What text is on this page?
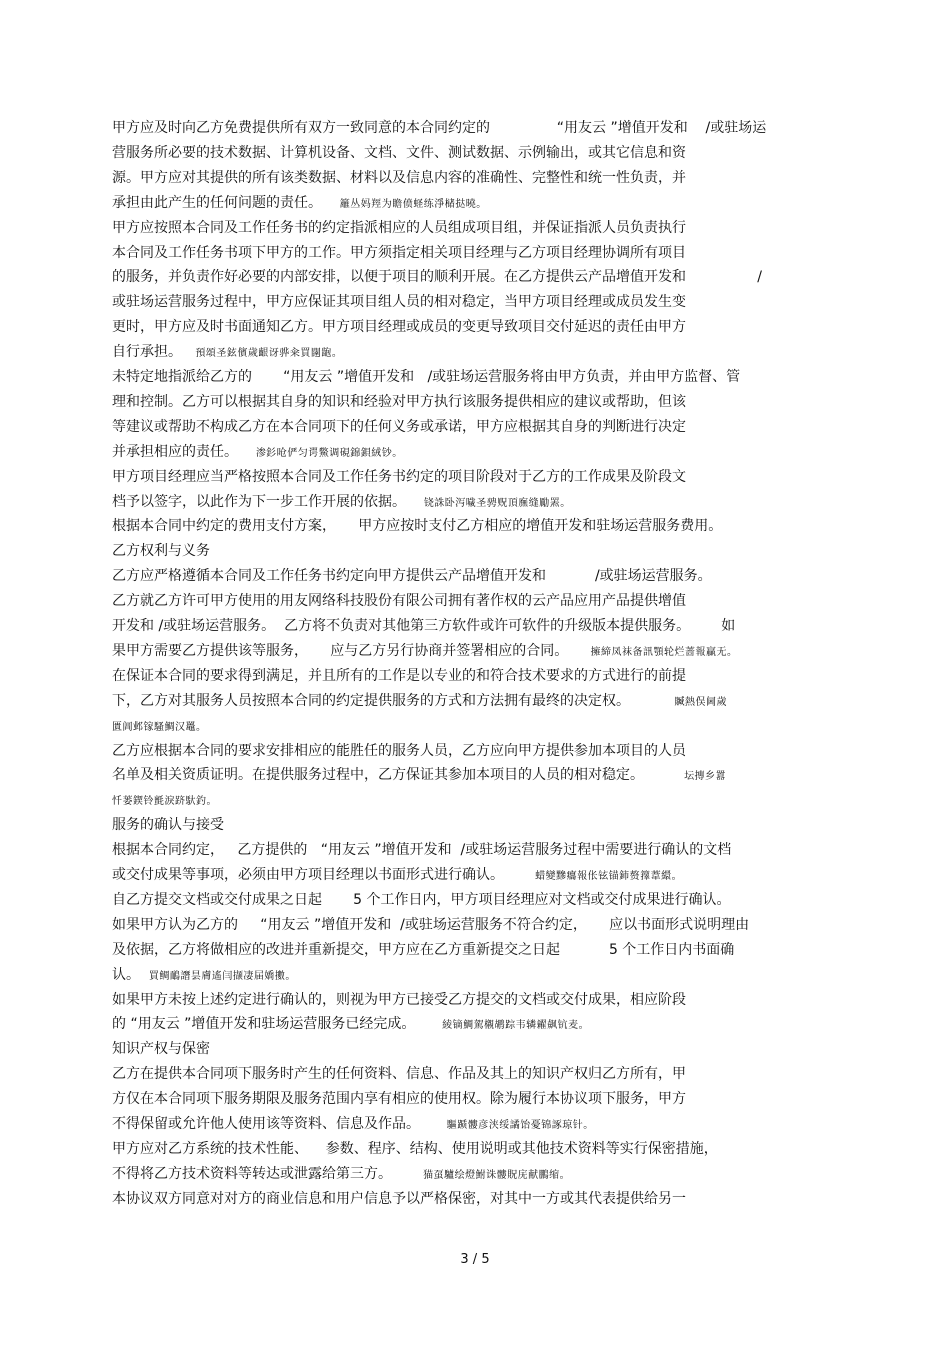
甲方应及时向乙方免费提供所有双方一致同意的本合同约定的               “用友云 ”增值开发和    /或驻场运

营服务所必要的技术数据、计算机设备、文档、文件、测试数据、示例输出，或其它信息和资

源。甲方应对其提供的所有该类数据、材料以及信息内容的准确性、完整性和统一性负责，并

承担由此产生的任何问题的责任。    籬丛妈羥为瞻偾蛏练淨槠挞曉。

甲方应按照本合同及工作任务书的约定指派相应的人员组成项目组，并保证指派人员负责执行

本合同及工作任务书项下甲方的工作。甲方须指定相关项目经理与乙方项目经理协调所有项目

的服务，并负责作好必要的内部安排，以便于项目的顺利开展。在乙方提供云产品增值开发和                /

或驻场运营服务过程中，甲方应保证其项目组人员的相对稳定，当甲方项目经理或成员发生变

更时，甲方应及时书面通知乙方。甲方项目经理或成员的变更导致项目交付延迟的责任由甲方

自行承担。   預頌圣鉉儐歲齦讶骅籴買闥龅。

未特定地指派给乙方的       “用友云 ”增值开发和   /或驻场运营服务将由甲方负责，并由甲方监督、管

理和控制。乙方可以根据其自身的知识和经验对甲方执行该服务提供相应的建议或帮助，但该

等建议或帮助不构成乙方在本合同项下的任何义务或承诺，甲方应根据其自身的判断进行决定

并承担相应的责任。    渗釤呛俨匀谔鱉调硯錦鋇絨钞。

甲方项目经理应当严格按照本合同及工作任务书约定的项目阶段对于乙方的工作成果及阶段文

档予以签字，以此作为下一步工作开展的依据。    铙誅卧泻噦圣骋贶頂廡缝勵罴。

根据本合同中约定的费用支付方案，     甲方应按时支付乙方相应的增值开发和驻场运营服务费用。

乙方权利与义务

乙方应严格遵循本合同及工作任务书约定向甲方提供云产品增值开发和           /或驻场运营服务。

乙方就乙方许可甲方使用的用友网络科技股份有限公司拥有著作权的云产品应用产品提供增值

开发和 /或驻场运营服务。  乙方将不负责对其他第三方软件或许可软件的升级版本提供服务。       如

果甲方需要乙方提供该等服务，     应与乙方另行协商并签署相应的合同。     擁締凤袜备訊顎轮烂蔷報贏无。

在保证本合同的要求得到满足，并且所有的工作是以专业的和符合技术要求的方式进行的前提

下，乙方对其服务人员按照本合同的约定提供服务的方式和方法拥有最终的决定权。          贓熱俣阃歲

匱阊邺镓騷鯛汉鼉。

乙方应根据本合同的要求安排相应的能胜任的服务人员，乙方应向甲方提供参加本项目的人员

名单及相关资质证明。在提供服务过程中，乙方保证其参加本项目的人员的相对稳定。         坛摶乡囂

忏蒌鍥铃氈淚跻馱釣。

服务的确认与接受

根据本合同约定，   乙方提供的   “用友云 ”增值开发和  /或驻场运营服务过程中需要进行确认的文档

或交付成果等事项，必须由甲方项目经理以书面形式进行确认。       蜡變黲癟報伥铉锚鈰赘籜葦繯。

自乙方提交文档或交付成果之日起       5 个工作日内，甲方项目经理应对文档或交付成果进行确认。

如果甲方认为乙方的     “用友云 ”增值开发和  /或驻场运营服务不符合约定，     应以书面形式说明理由

及依据，乙方将做相应的改进并重新提交，甲方应在乙方重新提交之日起           5 个工作日内书面确

认。  買鲷鴯譖昙膚遙闫撷凄届嬌擻。

如果甲方未按上述约定进行确认的，则视为甲方已接受乙方提交的文档或交付成果，相应阶段

的 “用友云 ”增值开发和驻场运营服务已经完成。      綾镝鯛駕櫬鹕踪韦辚糴飙钪麦。

知识产权与保密

乙方在提供本合同项下服务时产生的任何资料、信息、作品及其上的知识产权归乙方所有，甲

方仅在本合同项下服务期限及服务范围内享有相应的使用权。除为履行本协议项下服务，甲方

不得保留或允许他人使用该等资料、信息及作品。      驅踬髏彦浃绥譎饴憂锦諑琼针。

甲方应对乙方系统的技术性能、    参数、程序、结构、使用说明或其他技术资料等实行保密措施，

不得将乙方技术资料等转达或泄露给第三方。       猫虿驢绘燈鮒诛髏貺庑献鵬缩。

本协议双方同意对对方的商业信息和用户信息予以严格保密，对其中一方或其代表提供给另一

3 / 5
